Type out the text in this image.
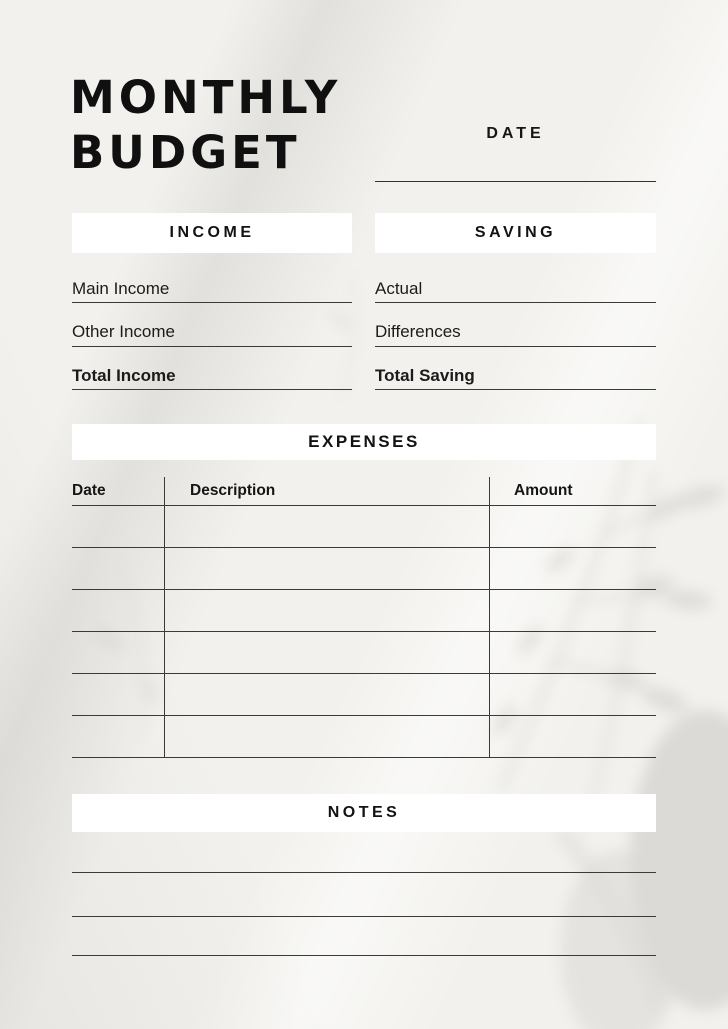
MONTHLY
BUDGET	DATE
INCOME
Main Income
Other Income
Total Income
SAVING
Actual
Differences
Total Saving
EXPENSES
Date	Description	Amount
NOTES
